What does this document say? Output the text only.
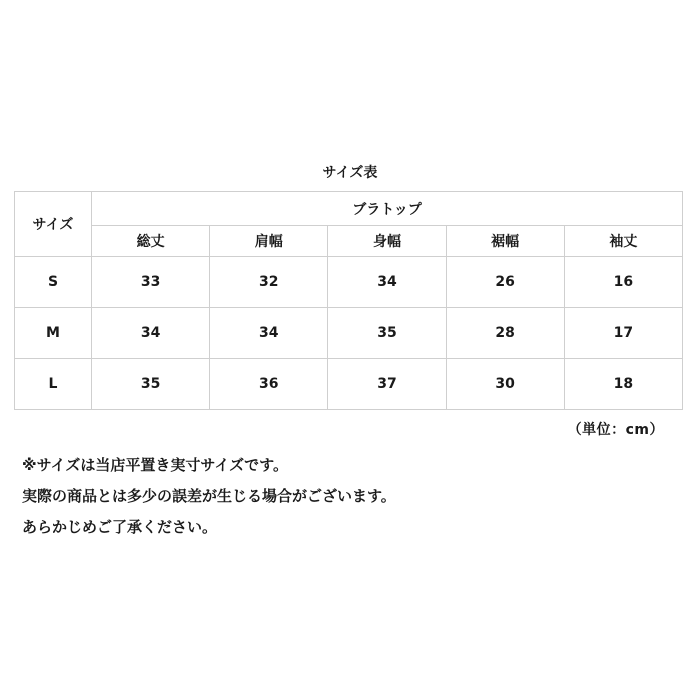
サイズ表
サイズ	ブラトップ				
	総丈	肩幅	身幅	裾幅	袖丈
S	33	32	34	26	16
M	34	34	35	28	17
L	35	36	37	30	18
（単位：cm）
※サイズは当店平置き実寸サイズです。
実際の商品とは多少の誤差が生じる場合がございます。
あらかじめご了承ください。
